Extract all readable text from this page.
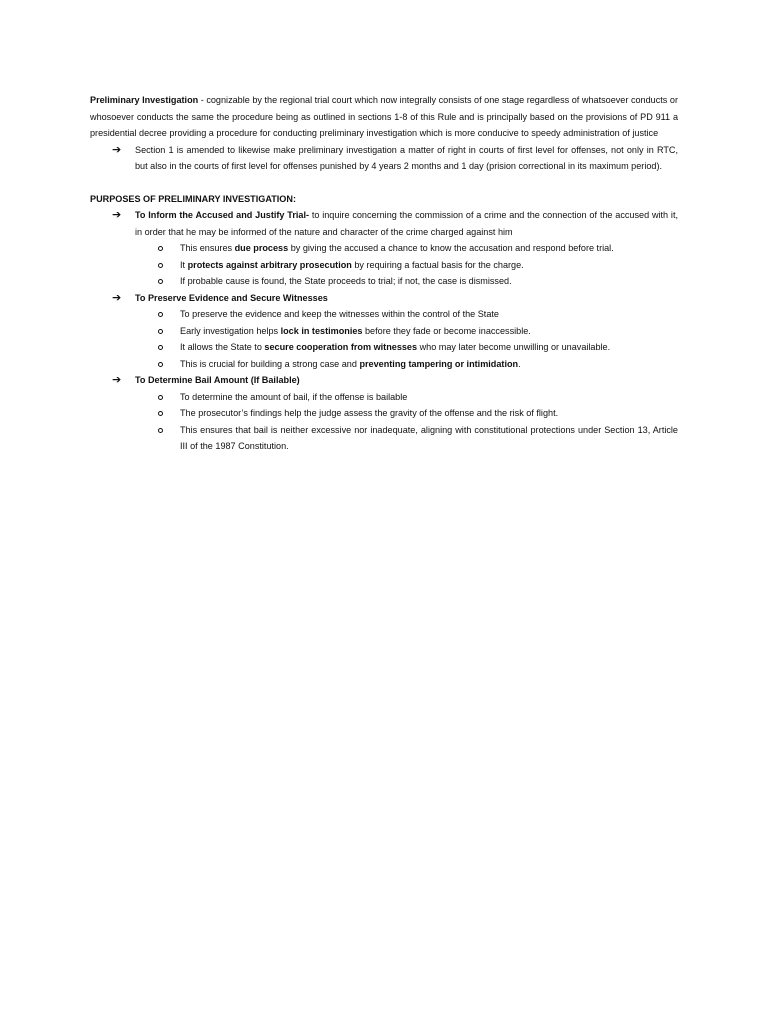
Preliminary Investigation - cognizable by the regional trial court which now integrally consists of one stage regardless of whatsoever conducts or whosoever conducts the same the procedure being as outlined in sections 1-8 of this Rule and is principally based on the provisions of PD 911 a presidential decree providing a procedure for conducting preliminary investigation which is more conducive to speedy administration of justice

➔ Section 1 is amended to likewise make preliminary investigation a matter of right in courts of first level for offenses, not only in RTC, but also in the courts of first level for offenses punished by 4 years 2 months and 1 day (prision correctional in its maximum period).

PURPOSES OF PRELIMINARY INVESTIGATION:

➔ To Inform the Accused and Justify Trial- to inquire concerning the commission of a crime and the connection of the accused with it, in order that he may be informed of the nature and character of the crime charged against him

This ensures due process by giving the accused a chance to know the accusation and respond before trial.

It protects against arbitrary prosecution by requiring a factual basis for the charge.

If probable cause is found, the State proceeds to trial; if not, the case is dismissed.

➔ To Preserve Evidence and Secure Witnesses

To preserve the evidence and keep the witnesses within the control of the State

Early investigation helps lock in testimonies before they fade or become inaccessible.

It allows the State to secure cooperation from witnesses who may later become unwilling or unavailable.

This is crucial for building a strong case and preventing tampering or intimidation.

➔ To Determine Bail Amount (If Bailable)

To determine the amount of bail, if the offense is bailable

The prosecutor’s findings help the judge assess the gravity of the offense and the risk of flight.

This ensures that bail is neither excessive nor inadequate, aligning with constitutional protections under Section 13, Article III of the 1987 Constitution.
